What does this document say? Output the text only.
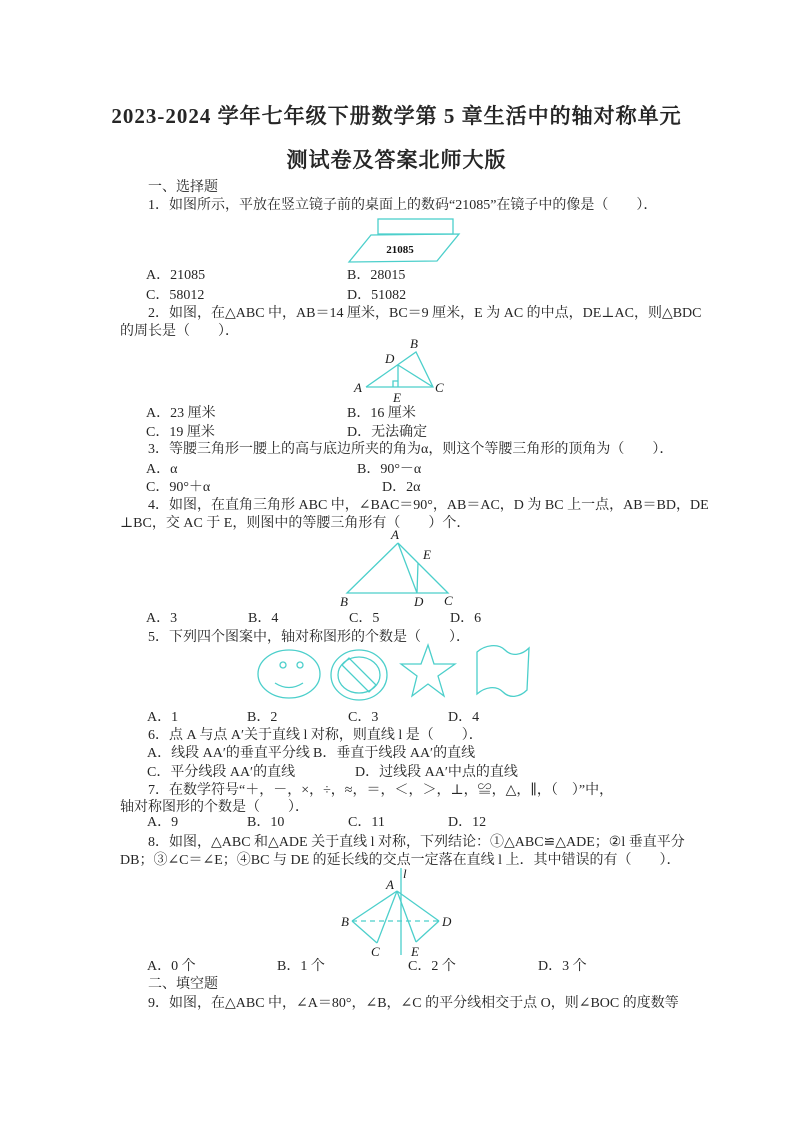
2023-2024 学年七年级下册数学第 5 章生活中的轴对称单元
测试卷及答案北师大版
一、选择题
1．如图所示，平放在竖立镜子前的桌面上的数码“21085”在镜子中的像是（　　）．
21085
A．21085	B．28015
C．58012	D．51082
2．如图，在△ABC 中，AB＝14 厘米，BC＝9 厘米，E 为 AC 的中点，DE⊥AC，则△BDC
的周长是（　　）．
A
B
C
D
E
A．23 厘米	B．16 厘米
C．19 厘米	D．无法确定
3．等腰三角形一腰上的高与底边所夹的角为α，则这个等腰三角形的顶角为（　　）．
A．α	B．90°－α
C．90°＋α	D．2α
4．如图，在直角三角形 ABC 中，∠BAC＝90°，AB＝AC，D 为 BC 上一点，AB＝BD，DE
⊥BC，交 AC 于 E，则图中的等腰三角形有（　　）个．
A
B	C
D
E
A．3	B．4	C．5	D．6
5．下列四个图案中，轴对称图形的个数是（　　）．
A．1	B．2	C．3	D．4
6．点 A 与点 A′关于直线 l 对称，则直线 l 是（　　）．
A．线段 AA′的垂直平分线 B．垂直于线段 AA′的直线
C．平分线段 AA′的直线	D．过线段 AA′中点的直线
7．在数学符号“＋，－，×，÷，≈，＝，＜，＞，⊥，≌，△，∥，（　）”中，
轴对称图形的个数是（　　）．
A．9	B．10	C．11	D．12
8．如图，△ABC 和△ADE 关于直线 l 对称，下列结论：①△ABC≌△ADE；②l 垂直平分
DB；③∠C＝∠E；④BC 与 DE 的延长线的交点一定落在直线 l 上．其中错误的有（　　）．
l
A
B
C
D
E
A．0 个	B．1 个	C．2 个	D．3 个
二、填空题
9．如图，在△ABC 中，∠A＝80°，∠B，∠C 的平分线相交于点 O，则∠BOC 的度数等
